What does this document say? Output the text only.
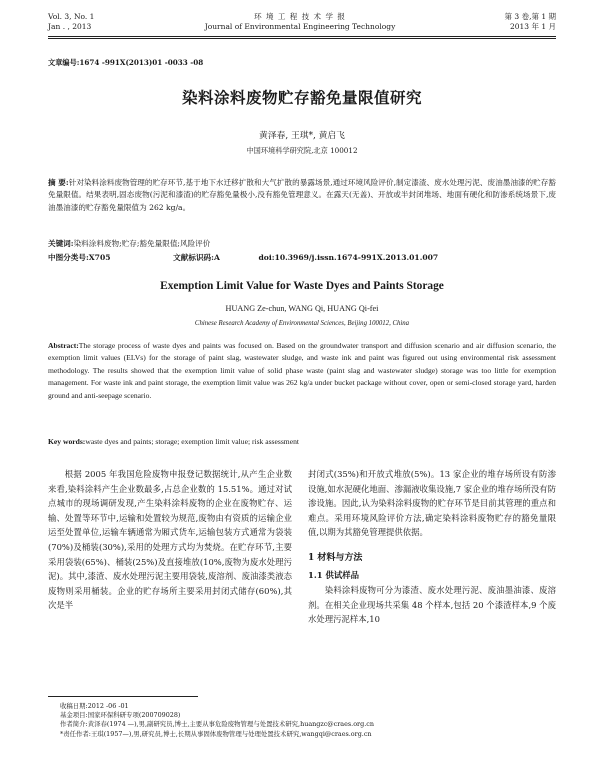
Vol. 3, No. 1
Jan . , 2013
环 境 工 程 技 术 学 报
Journal of Environmental Engineering Technology
第 3 卷,第 1 期
2013 年 1 月
文章编号:1674 -991X(2013)01 -0033 -08
染料涂料废物贮存豁免量限值研究
黄泽春, 王琪*, 黄启飞
中国环境科学研究院,北京 100012
摘 要:针对染料涂料废物管理的贮存环节,基于地下水迁移扩散和大气扩散的暴露场景,通过环境风险评价,制定漆渣、废水处理污泥、废油墨油漆的贮存豁免量限值。结果表明,固态废物(污泥和漆渣)的贮存豁免量极小,没有豁免管理意义。在露天(无盖)、开放或半封闭堆场、地面有硬化和防渗系统场景下,废油墨油漆的贮存豁免量限值为 262 kg/a。
关键词:染料涂料废物;贮存;豁免量限值;风险评价
中图分类号:X705	文献标识码:A	doi:10.3969/j.issn.1674-991X.2013.01.007
Exemption Limit Value for Waste Dyes and Paints Storage
HUANG Ze-chun, WANG Qi, HUANG Qi-fei
Chinese Research Academy of Environmental Sciences, Beijing 100012, China
Abstract:The storage process of waste dyes and paints was focused on. Based on the groundwater transport and diffusion scenario and air diffusion scenario, the exemption limit values (ELVs) for the storage of paint slag, wastewater sludge, and waste ink and paint was figured out using environmental risk assessment methodology. The results showed that the exemption limit value of solid phase waste (paint slag and wastewater sludge) storage was too little for exemption management. For waste ink and paint storage, the exemption limit value was 262 kg/a under bucket package without cover, open or semi-closed storage yard, harden ground and anti-seepage scenario.
Key words:waste dyes and paints; storage; exemption limit value; risk assessment
根据 2005 年我国危险废物申报登记数据统计,从产生企业数来看,染料涂料产生企业数最多,占总企业数的 15.51%。通过对试点城市的现场调研发现,产生染料涂料废物的企业在废物贮存、运输、处置等环节中,运输和处置较为规范,废物由有资质的运输企业运至处置单位,运输车辆通常为厢式货车,运输包装方式通常为袋装(70%)及桶装(30%),采用的处理方式均为焚烧。在贮存环节,主要采用袋装(65%)、桶装(25%)及直接堆放(10%,废物为废水处理污泥)。其中,漆渣、废水处理污泥主要用袋装,废溶剂、废油漆类液态废物则采用桶装。企业的贮存场所主要采用封闭式储存(60%),其次是半
封闭式(35%)和开放式堆放(5%)。13 家企业的堆存场所设有防渗设施,如水泥硬化地面、渗漏液收集设施,7 家企业的堆存场所没有防渗设施。因此,认为染料涂料废物的贮存环节是目前其管理的重点和难点。采用环境风险评价方法,确定染料涂料废物贮存的豁免量限值,以期为其豁免管理提供依据。
1 材料与方法
1.1 供试样品
染料涂料废物可分为漆渣、废水处理污泥、废油墨油漆、废溶剂。在相关企业现场共采集 48 个样本,包括 20 个漆渣样本,9 个废水处理污泥样本,10
收稿日期:2012 -06 -01
基金项目:国家环保科研专项(200709028)
作者简介:黄泽春(1974 —),男,副研究员,博士,主要从事危险废物管理与处置技术研究,huangzc@craes.org.cn
*责任作者:王琪(1957—),男,研究员,博士,长期从事固体废物管理与处理处置技术研究,wangqi@craes.org.cn
